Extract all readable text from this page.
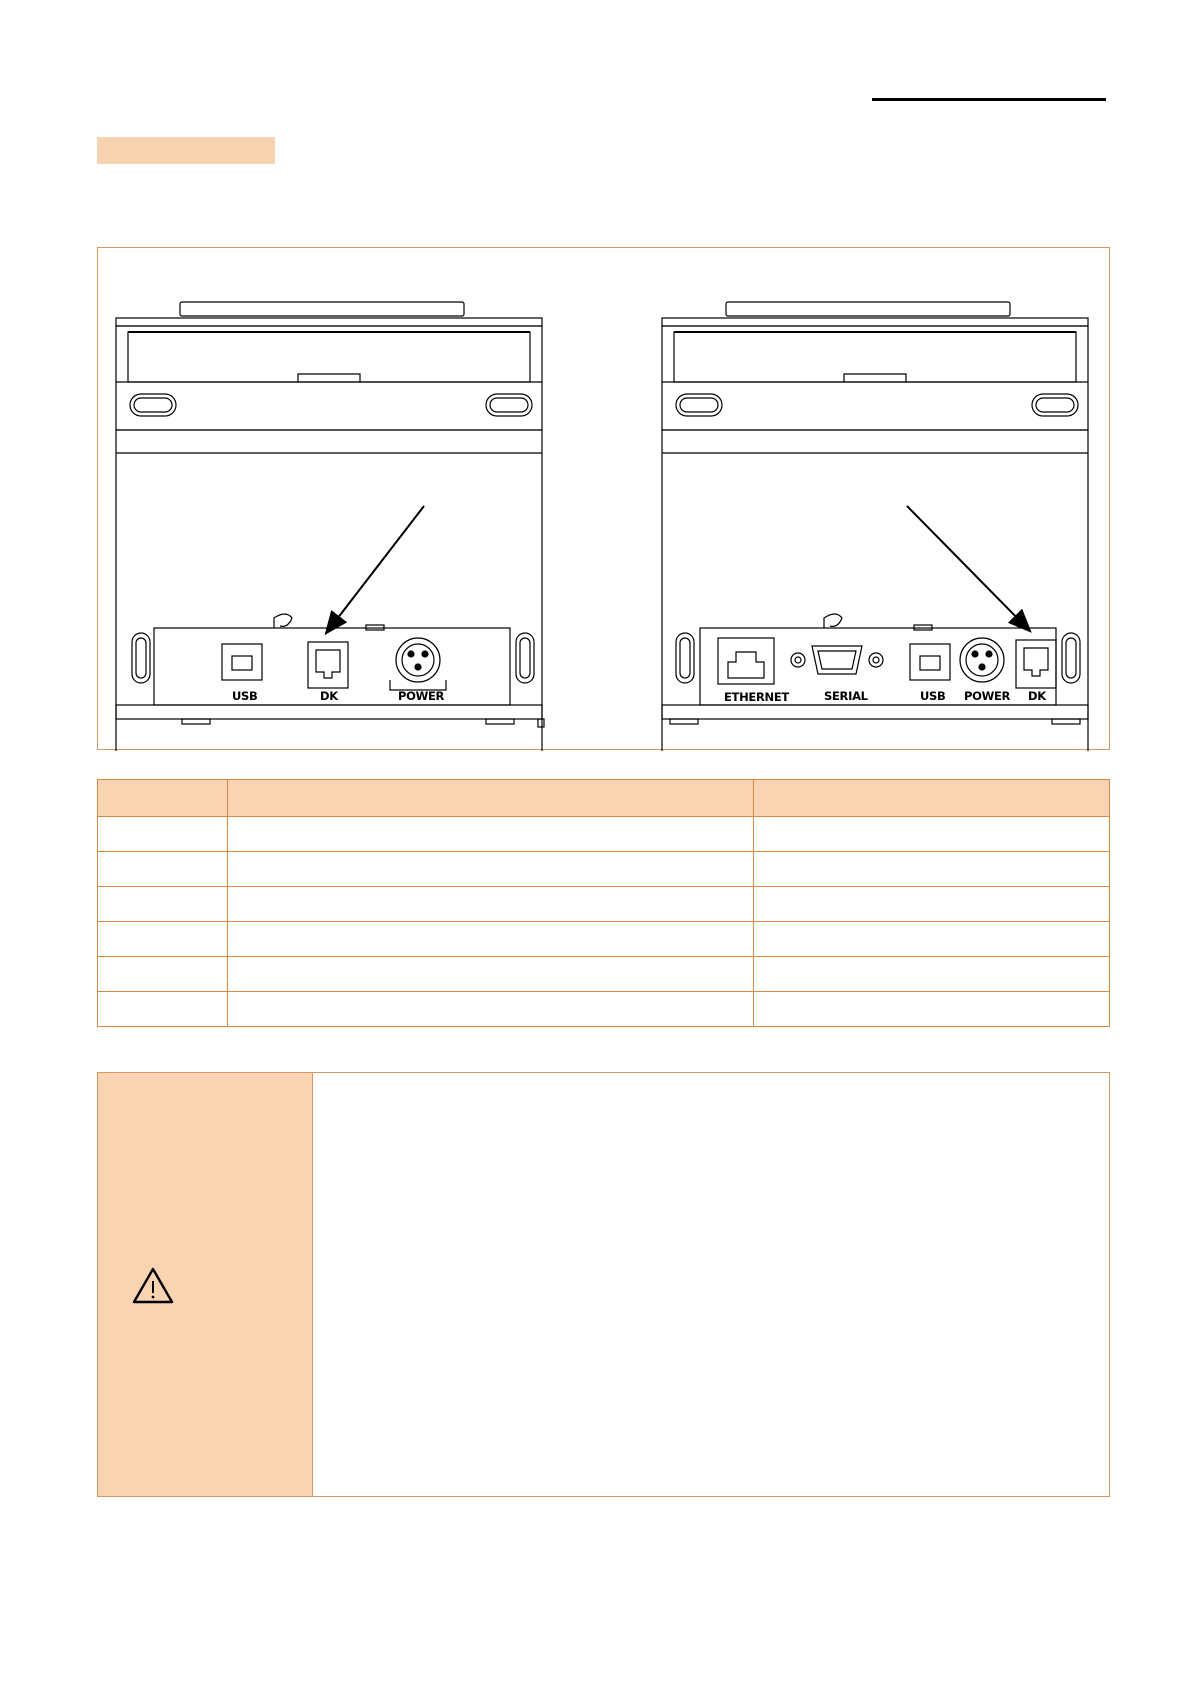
USB	DK	POWER	ETHERNET	SERIAL	USB POWER DK
